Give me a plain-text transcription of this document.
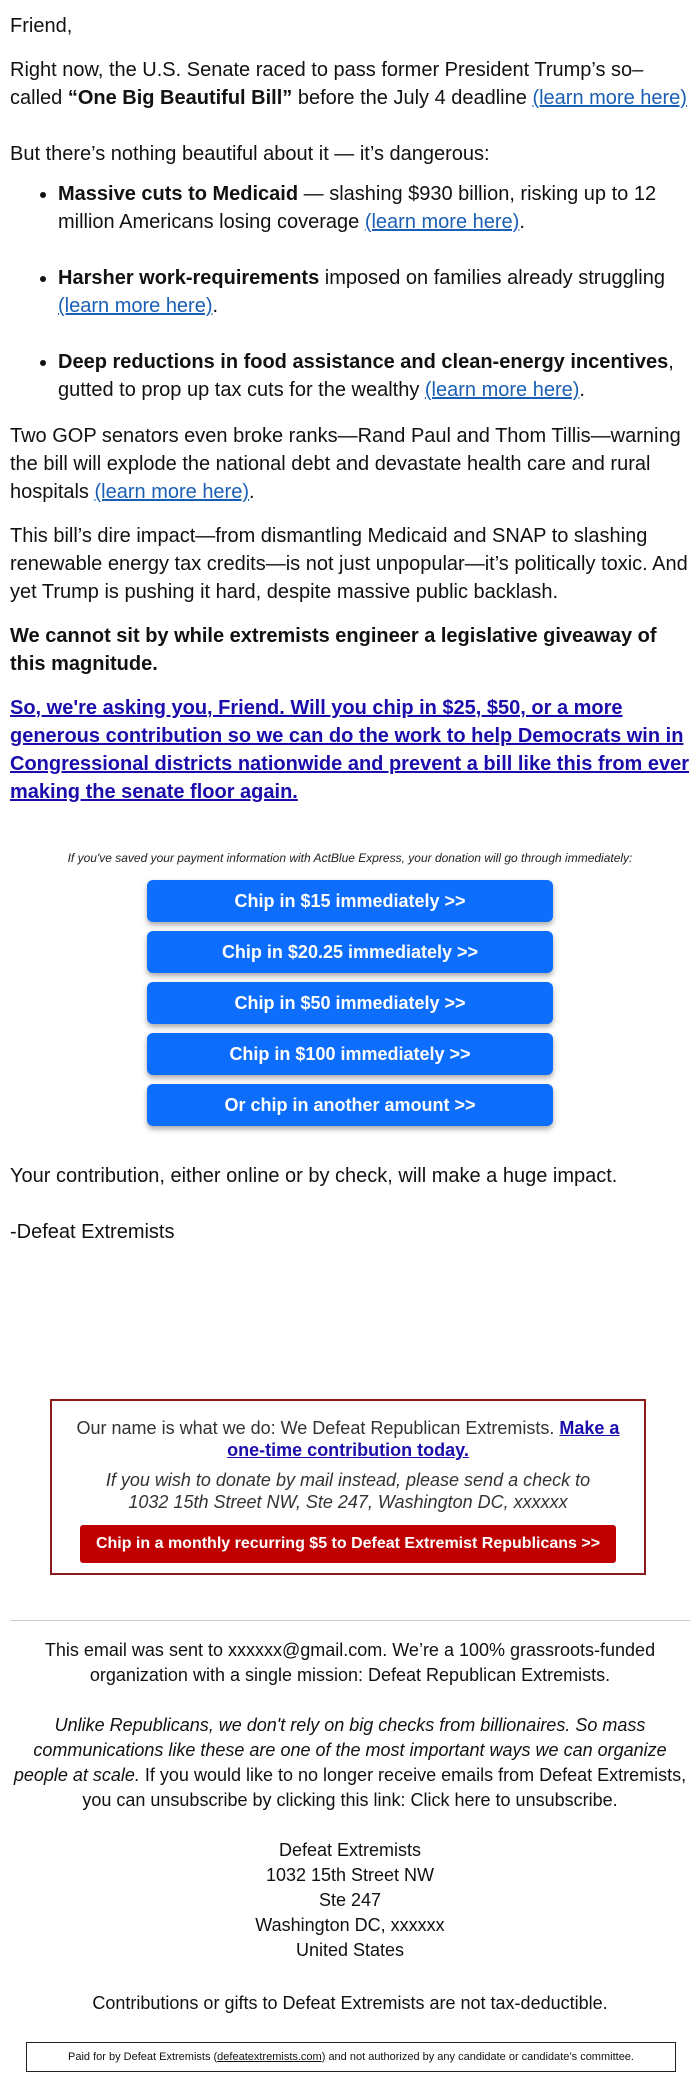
Friend,

Right now, the U.S. Senate raced to pass former President Trump’s so–called “One Big Beautiful Bill” before the July 4 deadline (learn more here)

But there’s nothing beautiful about it — it’s dangerous:

• Massive cuts to Medicaid — slashing $930 billion, risking up to 12 million Americans losing coverage (learn more here).
• Harsher work-requirements imposed on families already struggling (learn more here).
• Deep reductions in food assistance and clean-energy incentives, gutted to prop up tax cuts for the wealthy (learn more here).

Two GOP senators even broke ranks—Rand Paul and Thom Tillis—warning the bill will explode the national debt and devastate health care and rural hospitals (learn more here).

This bill’s dire impact—from dismantling Medicaid and SNAP to slashing renewable energy tax credits—is not just unpopular—it’s politically toxic. And yet Trump is pushing it hard, despite massive public backlash.

We cannot sit by while extremists engineer a legislative giveaway of this magnitude.

So, we're asking you, Friend. Will you chip in $25, $50, or a more generous contribution so we can do the work to help Democrats win in Congressional districts nationwide and prevent a bill like this from ever making the senate floor again.

If you've saved your payment information with ActBlue Express, your donation will go through immediately:

Chip in $15 immediately >>
Chip in $20.25 immediately >>
Chip in $50 immediately >>
Chip in $100 immediately >>
Or chip in another amount >>

Your contribution, either online or by check, will make a huge impact.

-Defeat Extremists

Our name is what we do: We Defeat Republican Extremists. Make a one-time contribution today.

If you wish to donate by mail instead, please send a check to 1032 15th Street NW, Ste 247, Washington DC, xxxxxx

Chip in a monthly recurring $5 to Defeat Extremist Republicans >>

This email was sent to xxxxxx@gmail.com. We’re a 100% grassroots-funded organization with a single mission: Defeat Republican Extremists.

Unlike Republicans, we don't rely on big checks from billionaires. So mass communications like these are one of the most important ways we can organize people at scale. If you would like to no longer receive emails from Defeat Extremists, you can unsubscribe by clicking this link: Click here to unsubscribe.

Defeat Extremists
1032 15th Street NW
Ste 247
Washington DC, xxxxxx
United States

Contributions or gifts to Defeat Extremists are not tax-deductible.

Paid for by Defeat Extremists ( defeatextremists.com ) and not authorized by any candidate or candidate’s committee.
